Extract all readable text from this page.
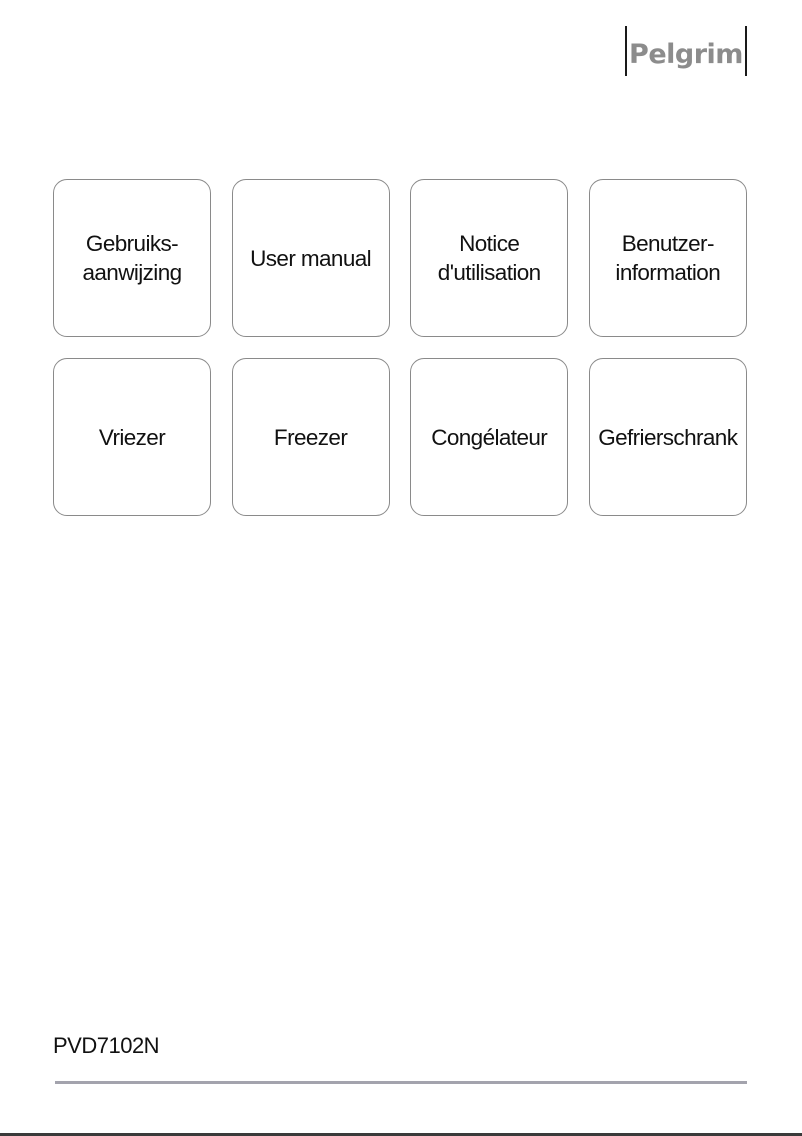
Pelgrim
Gebruiks-
aanwijzing
User manual
Notice
d'utilisation
Benutzer-
information
Vriezer	Freezer	Congélateur Gefrierschrank
PVD7102N
